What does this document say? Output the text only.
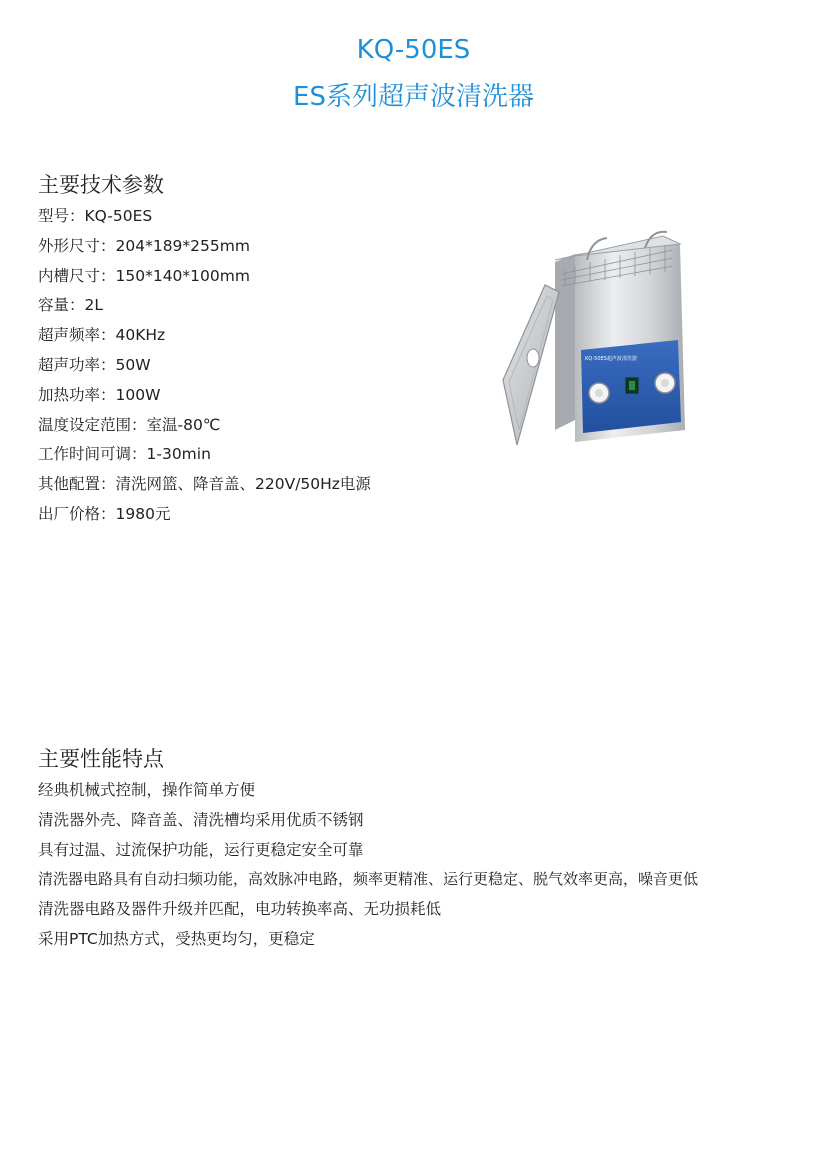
KQ-50ES
ES系列超声波清洗器
主要技术参数
型号：KQ-50ES
外形尺寸：204*189*255mm
内槽尺寸：150*140*100mm
容量：2L
超声频率：40KHz
超声功率：50W
加热功率：100W
温度设定范围：室温-80℃
工作时间可调：1-30min
其他配置：清洗网篮、降音盖、220V/50Hz电源
出厂价格：1980元
KQ-50ES超声波清洗器
主要性能特点
经典机械式控制，操作简单方便
清洗器外壳、降音盖、清洗槽均采用优质不锈钢
具有过温、过流保护功能，运行更稳定安全可靠
清洗器电路具有自动扫频功能，高效脉冲电路，频率更精准、运行更稳定、脱气效率更高，噪音更低
清洗器电路及器件升级并匹配，电功转换率高、无功损耗低
采用PTC加热方式，受热更均匀，更稳定
